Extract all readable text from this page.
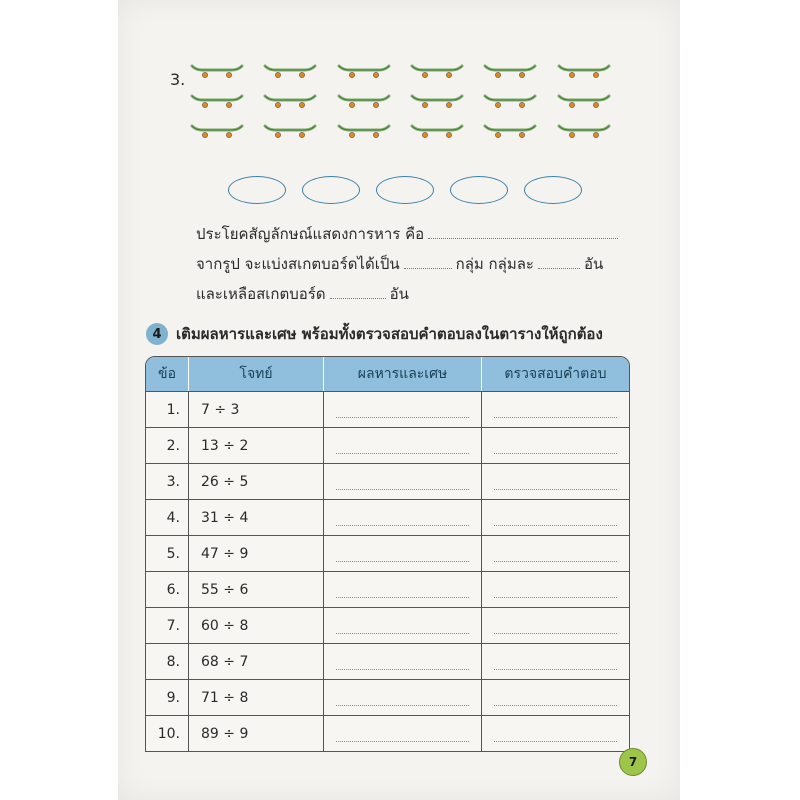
3.
ประโยคสัญลักษณ์แสดงการหาร คือ
จากรูป จะแบ่งสเกตบอร์ดได้เป็น	กลุ่ม กลุ่มละ	อัน
และเหลือสเกตบอร์ด	อัน
4 เติมผลหารและเศษ พร้อมทั้งตรวจสอบคำตอบลงในตารางให้ถูกต้อง
ข้อ	โจทย์	ผลหารและเศษ	ตรวจสอบคำตอบ
1.	7 ÷ 3		
2.	13 ÷ 2		
3.	26 ÷ 5		
4.	31 ÷ 4		
5.	47 ÷ 9		
6.	55 ÷ 6		
7.	60 ÷ 8		
8.	68 ÷ 7		
9.	71 ÷ 8		
10.	89 ÷ 9		
7
